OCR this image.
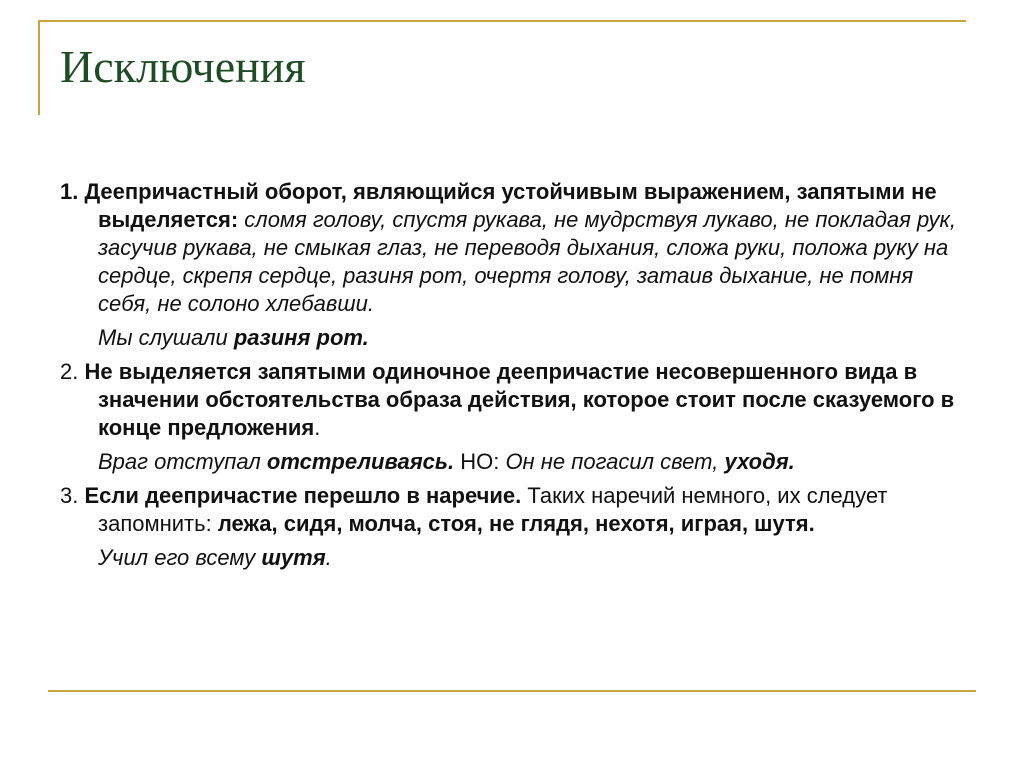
Исключения
1. Деепричастный оборот, являющийся устойчивым выражением, запятыми не выделяется: сломя голову, спустя рукава, не мудрствуя лукаво, не покладая рук, засучив рукава, не смыкая глаз, не переводя дыхания, сложа руки, положа руку на сердце, скрепя сердце, разиня рот, очертя голову, затаив дыхание, не помня себя, не солоно хлебавши.
Мы слушали разиня рот.
2. Не выделяется запятыми одиночное деепричастие несовершенного вида в значении обстоятельства образа действия, которое стоит после сказуемого в конце предложения.
Враг отступал отстреливаясь. НО: Он не погасил свет, уходя.
3. Если деепричастие перешло в наречие. Таких наречий немного, их следует запомнить: лежа, сидя, молча, стоя, не глядя, нехотя, играя, шутя.
Учил его всему шутя.
